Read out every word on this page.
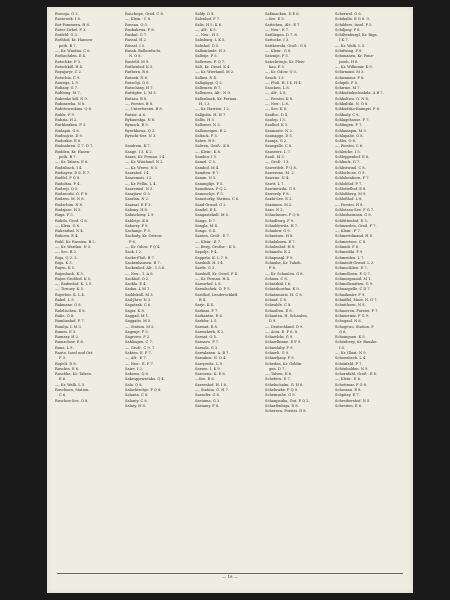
Roessja. O 2.
Rostowek. I 8.
Rot-Pommern. H 8.
Roter Zirkel. F 3.
Rotfeld. G 3.
Rothhof, Kr. Hansen-
poth. B 7.
—, Kr. Windau. C 6.
Rothschden. E 4.
Rotschke. F 3.
Rotschkill. H 4.
Royajaryr. C 2.
Rotschia. C 9.
Rowega. L 9.
Rubany. G 7.
Rubbing. M 7.
Rubenhe kill. N 9.
Rubinowka. N 8.
Rubttowsokina. Q 6.
Ruble. F 9.
Rubzia. H 2.
Ruckbraken. F 3.
Rudapin. G 6.
Rudnojcie. D 9.
Rudozkie. E 6.
Rudnahren. C 7. D 7.
Rudden, Kr. Hasen-
poth. B 7.
—, Kr. Talsen. E 6.
Rudzibach. I 4.
Rudiayen. D 6. E 7.
Rudfel. P Q 8.
Rudultza. F 4.
Rudzeji. Q 5.
Rudzeczhi. O. P 8.
Rudzen. M. N 8.
Rudzchim. N 8.
Rudzjaze. H 5.
Ruga. F 3.
Rubdo, Grod. G 8.
—, Kleiu. G 8.
Ruhenthal. N 4.
Ruhoen. E 4.
Ruhl, Kr. Rassien. B 2.
—, Kr. Wardau. N 3.
—, Sec. B 2.
Ruja. Q 2. 3.
Ruja. K 5.
Rujen. K 5.
Rujenbach. K 5.
Rujen-Großhof. K 5.
—, Radenhof. K. L 5.
—, Tirnuey. K 5.
Rujerber. K. L 4.
Rakel. L 9.
Rakmanz. O 8.
Rulelischen. E 8.
Rulie. O 8.
Rumbashof. F 7.
Rumlja. L M 3.
Rumm. E 3.
Rumzay. H 2.
Rumzchow. E 6.
Rane. L 9.
Raute, Insel und Ort.
F 3.
Rupelt. D 8.
Ruschin. E 6.
Ruschke, Kr. Talsen.
E 6.
—, Kr. Walk. L 5.
Ruschneu, Station.
C 6.
Ruschon-See. O 8.
Ruschupe, Grod. C 8.
—, Klein.- C 8.
Russau. O 5.
Ruskahrwa. F 8.
Ruskul. G 7.
Russal. H 2.
Rüssel. I 5.
Russk. Balbordschi.
N. O 8.
Rustelil. M 9.
Ruthenhof. K 5.
Ruthern. R 6.
Rutnek. N 6.
Rutschji. Q 6.
Rutschany. H 7.
Rutttgfer. L. M 3.
Rutzau. B 8.
—, Forstei. B 8.
—, Unterforstei. B 8.
Rutzie. A 6.
Rybautskja. N 8.
Rymsch. R 9.
Rysehkowa. Q 3.
Rytschi-See. N 3.
Saadrem. K 7.
Saage. I 3. K 2.
Saara, Kr. Pernau. I 4.
—, Kr. Wierland. N 2.
—, Kr. Werro. N 5.
Saarahof. I 4.
Saaremois. I 2.
—, Kr. Fellin. L 4.
Saaremiol. N 3.
Saarjärw. O 5.
Saarlan. N 2.
Saarsal. E F 3.
Sabany. H 8.
Sabischeny. L 9.
Sablotje. K 8.
Saborzy. P 9.
Sachanje. P 5.
Sachody, Kr. Ostrow.
P 6.
—, Kr. Gdow. P Q 4.
Sack. I 2.
Sacke-Fluß. B 7.
Sackenhausen. B 7.
Sackenhof, Alt-. 1.5.6.
—, Neu-. 1. A 6.
Sackhof. O 2.
Sackla. E 4.
Sadau. L M 7.
Saddeküll. M 3.
Sad-Jhrw. N 3.
Sagatzak. C 6.
Sager. K 8.
Saggad. M 1.
Saggatis. M 5.
—, Station. M 5.
Sagenje. P 5.
Sagrowo. P 2.
Sahlingen. C 7.
—, Groß-. C 9. 7.
Sakten. E. F 7.
—, Alt-. E 7.
—, Neu-. E. F 7.
Saire. I 2.
Sakowa. Q 8.
Sakrupjewzenko. Q 4.
Sala. Q 8.
Salachtschje. P Q 8.
Salanta. C 8.
Salanty. C 8.
Salaty. H 8.
Saldy. O 8.
Salenhof. F 7.
Salis. H 5. K 6.
—, Alt-. K 5.
—, Neu-. H 5.
Salisburg. L K 5.
Salishof. O 5.
Sallamünde. H 3.
Salleije. P 5.
Sallewen. P. Q 7.
Salt, Kr. Oesel. K 4.
—, Kr. Wierland. M 2.
Sallasi. N 4.
Sallajäggi. Q 2.
Sallemen. B 7.
Sallenesz, Alt-. N 9.
Sallenback, Kr. Pernau.
H. I 3.
—, Kr. Harrien. I 2.
Sallgolin. H. H 7.
Sallis. H 3.
Sallomei. N 3.
Sallomeigen. R 2.
Saltack. F 5.
Salwe. R 9.
Salwen, Groß-. K 8.
—, Klein-. K 8.
Sambor. I 5.
Samel. C 5.
Samhof. M 4.
Samiten. E 7.
Samm. N 5.
Sammglije. P 5.
Samoknsa. P Q 2.
Samoschje. P 5.
Samotorky, Station. C 6.
Sand-Grund. G 2.
Sandel. E 4.
Sangastekull. M 5.
Sango. D 7.
Sangla. M 4.
Songo. G 4.
Santen, Groß-. E 7.
—, Klein-. E 7.
—, Berg, Großsr.-. K 5.
Sapolje. P 4.
Sappeln. K. L 7. 8.
Sarskiill. H. I 4.
Sarde. G 3.
Sarskiill, Kr. Oesel. F 4.
—, Kr. Pernau. H 4.
Sarnwhof. L 6.
Sarmlschek. O. P 5.
Sarithof, Lenderschkiff.
B 4.
Sarje. K 4.
Sarkani. F 7.
Sarkantze. E 6.
Sarkfor. L 5.
Sarmat. R 8.
Sarmsherk. K 2.
Sarnat. O 5.
Sarnavo. P 7.
Sarsola. G 3.
Sarralanen. A. B 7.
Sarrakos. N. O 4.
Sarryenbc. L 9.
Sarsen. I. K 9.
Sarrsena. K. E 6.
—See. E 6.
Sarzenhof. H. I 6.
—, Station. G. H 7.
Sassofer. G 8.
Sastama. G 3.
Sastamy. F 8.
Saßmacken. D E 6.
—See. E 5.
Sattichen, Alt-. E 7.
—, Neu-. E 7.
Sattliegen. D 7. 8.
Sattocke. I 3.
Sattkewski, Groß-. G 8.
—, Klein-. G 8.
Satznije. P 5.
Satzchronje, Kr. Pleis-
kau. P 5.
—, Kr. Gdow. Q 3.
Sauch. I 3.
—, Fluß. H. I 4. H 4.
Saucken. L 8.
—, Alt-. L 8.
—, Forstei. K 8.
—, Neu-. L 8.
—, See. K 8.
Sauflec. D 4.
Saulep. I 3.
Saulhof. K 5.
Saumaste. N 2.
Saunagge. D 5.
Saunja. G 2.
Sauogalls. C 8.
Sauseerz. L 7.
Sauß. M 3.
—, Groß-. I 3.
Sawerdelt. P Q 8.
Sawerene. M. 2.
Sawene. N 4.
Sawit. L 7.
Sawinewski. G 9.
Sawordy. P 8.
Saxhi-See. E 2.
Saxinnen. M 2.
Saxo. N 2.
Schachmiro. P Q 8.
Schadburg. F 9.
Schaddewitz. H 7.
Schadow. G 9.
Schaeisen. H 8.
Schalabnen. E 7.
Schalenhof. H 8.
Schaneln. K 2.
Schapuagl. F 9.
Schaube, Kr. Tukoh.
F 6.
—, Kr. Schaulen. G 8.
Schaux. C 8.
Schatzkiil. I 6.
Schatzkowlna. K 9.
Schatzmuriz. H. C 8.
Schauf. C 8.
Scheuhle. C 8.
Schaulten. E 8.
Schauten, H. Schaulen.
D 9.
—, Deutschland. D 9.
—, Acra. E. F 6. 8.
Schawlcki. G 9.
Schawlkinne. E F 9.
Schawlaby. F 9.
Schawli. G 9.
Schawljany. F 9.
Scheden, Kr. Goldin-
gen. D 7.
—, Talsen. E 6.
Scheferu. E 7.
Scheluchalm. G. H 8.
Scheluwka. P Q 9.
Schemsnhe. G 9.
Schanpauka, Gut. P Q 2.
Scharfenbaja. D 8.
Schersen, Forstei. D 8.
Scherwel. O 6.
Schiballa. E G 8. 9.
Schilders, Insel. F 5.
Schiljany. F 8.
Schiltenburgl, Kr. Riga.
I K 7.
—, Kr. Walk. L 5.
Schifwing. F 8.
Schimanen, Kr. Pone-
joseh. H 8.
—, Kr. Wilkomir. K 9.
Schirmant. M 3.
Schizanaur. F 8.
Schipili. F 8.
Schirme. M 7.
Schkudinkschinkda. A B 7.
Schkoltwo. O. N 8.
Schkultiki. N. O 8.
Schkudsko-Knimpri. F 8.
Schkudy. C 8.
Schlagehouse. F 7.
Schlingen. F 7.
Schlamapm. M 5.
Schlapalie. G 8.
Schlei. O 8.
—, Forstei. C 6.
Schleicke. I 5.
Schleppenhof. E 6.
Schlinck. G 7.
Schlistwind. C 8.
Schlochcne. G 9.
Schlobenhorn. F 7.
Schlobhof. F 7.
Schlottelhof. E 8.
Schlofiberg. M 9.
Schloßhof. L 8.
—, Forstei. H 8.
Schlotzno-See. F G 7.
Schlushatnnen. G 8.
Schlüttenhof. D 5.
Schmarden, Groß. F 7.
—, Klein-. F 7.
Schmertdinand. H 8.
Schmertsee. C 8.
Schmidi. F 8.
Schmedda. F 9.
Schmeiden. L 7.
Schmiedt-Grund. L 2.
Schmocklien. E 7.
Schmollown. P. Q 7.
Schmurgramd. M 1.
Schmollsmitten. G 9.
Schnaepelle. C D 7.
Schnakmirr. F 9.
Schniffel, Moor. N. O 7.
Schnithoen. N 8.
Schnorren, Forstei. F 7.
Schnurrmir. F G 9.
Schoganl. N 6.
Schogewo, Station. P
Q 6.
Schoingoen. K 5.
Schönberg, Kr. Bauske.
I 8.
—, Kr. Illuxt. N 9.
Schoenbech. L 4.
Schönfeld. F 7.
Schönhalden. N 9.
Schornfahl, Groß-. E 8.
—, Klein-. E 6.
Schottmar. F G 8.
Schossen. E 8.
Schpitey. E 7.
Schreibershof. N 5.
Schreiten. E 6.
— 18 —
